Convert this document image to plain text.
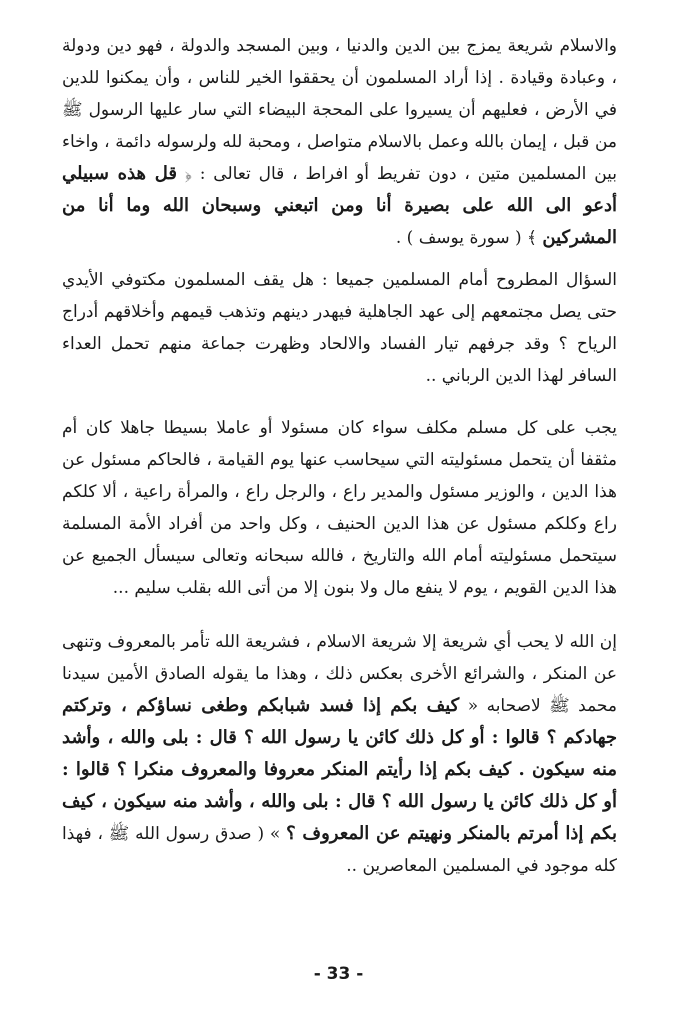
والاسلام شريعة يمزج بين الدين والدنيا ، وبين المسجد والدولة ، فهو دين ودولة ، وعبادة وقيادة . إذا أراد المسلمون أن يحققوا الخير للناس ، وأن يمكنوا للدين في الأرض ، فعليهم أن يسيروا على المحجة البيضاء التي سار عليها الرسول ﷺ من قبل ، إيمان بالله وعمل بالاسلام متواصل ، ومحبة لله ولرسوله دائمة ، واخاء بين المسلمين متين ، دون تفريط أو افراط ، قال تعالى : ﴿ قل هذه سبيلي أدعو الى الله على بصيرة أنا ومن اتبعني وسبحان الله وما أنا من المشركين ﴾ ( سورة يوسف ) .

السؤال المطروح أمام المسلمين جميعا : هل يقف المسلمون مكتوفي الأيدي حتى يصل مجتمعهم إلى عهد الجاهلية فيهدر دينهم وتذهب قيمهم وأخلاقهم أدراج الرياح ؟ وقد جرفهم تيار الفساد والالحاد وظهرت جماعة منهم تحمل العداء السافر لهذا الدين الرباني ..

يجب على كل مسلم مكلف سواء كان مسئولا أو عاملا بسيطا جاهلا كان أم مثقفا أن يتحمل مسئوليته التي سيحاسب عنها يوم القيامة ، فالحاكم مسئول عن هذا الدين ، والوزير مسئول والمدير راع ، والرجل راع ، والمرأة راعية ، ألا كلكم راع وكلكم مسئول عن هذا الدين الحنيف ، وكل واحد من أفراد الأمة المسلمة سيتحمل مسئوليته أمام الله والتاريخ ، فالله سبحانه وتعالى سيسأل الجميع عن هذا الدين القويم ، يوم لا ينفع مال ولا بنون إلا من أتى الله بقلب سليم ...

إن الله لا يحب أي شريعة إلا شريعة الاسلام ، فشريعة الله تأمر بالمعروف وتنهى عن المنكر ، والشرائع الأخرى بعكس ذلك ، وهذا ما يقوله الصادق الأمين سيدنا محمد ﷺ لاصحابه « كيف بكم إذا فسد شبابكم وطغى نساؤكم ، وتركتم جهادكم ؟ قالوا : أو كل ذلك كائن يا رسول الله ؟ قال : بلى والله ، وأشد منه سيكون . كيف بكم إذا رأيتم المنكر معروفا والمعروف منكرا ؟ قالوا : أو كل ذلك كائن يا رسول الله ؟ قال : بلى والله ، وأشد منه سيكون ، كيف بكم إذا أمرتم بالمنكر ونهيتم عن المعروف ؟ » ( صدق رسول الله ﷺ ، فهذا كله موجود في المسلمين المعاصرين ..

- 33 -
